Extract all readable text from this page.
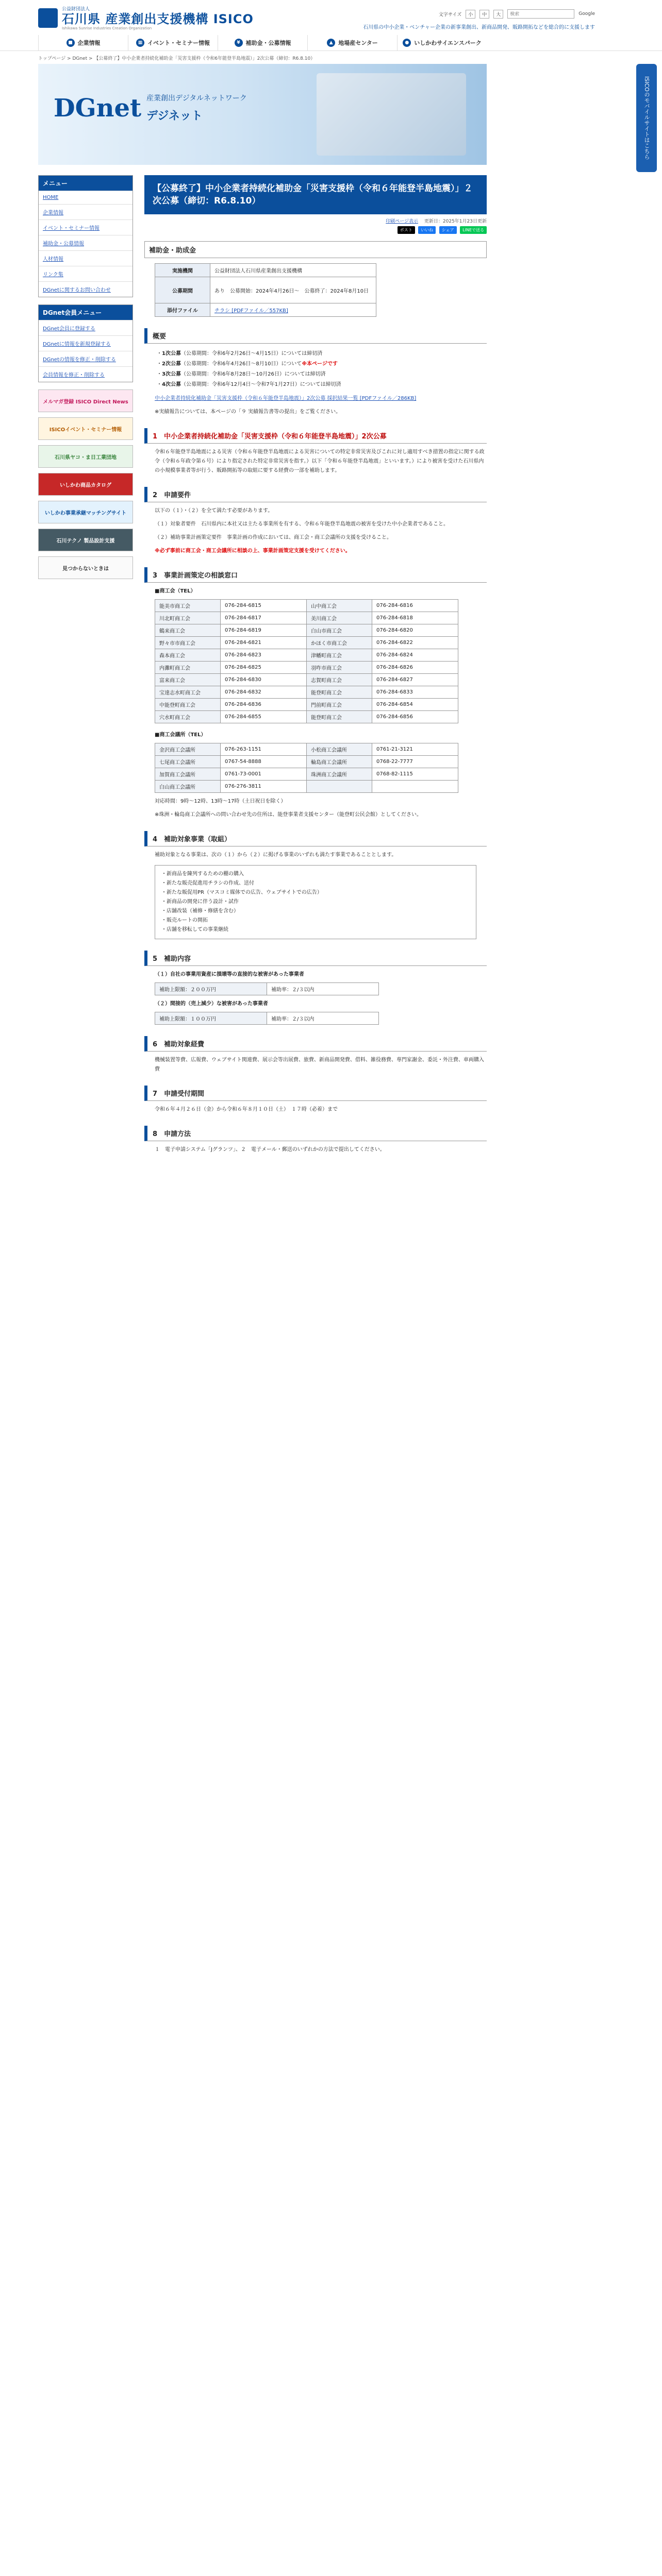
公益財団法人
石川県 産業創出支援機構 ISICO
Ishikawa Sunrise Industries Creation Organization
文字サイズ	小	中	大
検索	Google
石川県の中小企業・ベンチャー企業の新事業創出、新商品開発、販路開拓などを総合的に支援します
■ 企業情報	▦ イベント・セミナー情報	¥ 補助金・公募情報	▲ 地場産センター	● いしかわサイエンスパーク
トップページ > DGnet > 【公募終了】中小企業者持続化補助金「災害支援枠（令和6年能登半島地震）」2次公募（締切：R6.8.10）
ISICOのモバイルサイトはこちら
DGnet 産業創出デジタルネットワーク
デジネット
メニュー
HOME
企業情報
イベント・セミナー情報
補助金・公募情報
人材情報
リンク集
DGnetに関するお問い合わせ
DGnet会員メニュー
DGnet会員に登録する
DGnetに情報を新規登録する
DGnetの情報を修正・削除する
会員情報を修正・削除する
メルマガ登録 ISICO Direct News
ISICOイベント・セミナー情報
石川県ヤコ・ま日工業団地
いしかわ商品カタログ
いしかわ事業承継マッチングサイト
石川テクノ 製品設計支援
見つからないときは
【公募終了】中小企業者持続化補助金「災害支援枠（令和６年能登半島地震）」２次公募（締切：R6.8.10）
印刷ページ表示　 更新日：2025年1月23日更新
ポスト いいね シェア LINEで送る
補助金・助成金
実施機関	公益財団法人石川県産業創出支援機構
公募期間	あり　公募開始：2024年4月26日～　公募終了：2024年8月10日
添付ファイル	チラシ [PDFファイル／557KB]
概要
・1次公募（公募期間：令和6年2月26日～4月15日）については締切済
・2次公募（公募期間：令和6年4月26日～8月10日）について※本ページです
・3次公募（公募期間：令和6年8月28日～10月26日）については締切済
・4次公募（公募期間：令和6年12月4日～令和7年1月27日）については締切済
中小企業者持続化補助金「災害支援枠（令和６年能登半島地震）」2次公募 採択結果一覧 [PDFファイル／286KB]
※実績報告については、本ページの「９ 実績報告書等の提出」をご覧ください。
1　中小企業者持続化補助金「災害支援枠（令和６年能登半島地震）」2次公募
令和６年能登半島地震による災害（令和６年能登半島地震による災害についての特定非常災害及びこれに対し適用すべき措置の指定に関する政令（令和６年政令第６号）により指定された特定非常災害を指す。）以下「令和６年能登半島地震」といいます。）により被害を受けた石川県内の小規模事業者等が行う、販路開拓等の取組に要する経費の一部を補助します。
2　申請要件
以下の（１）・（２）を全て満たす必要があります。
（１）対象者要件　石川県内に本社又は主たる事業所を有する、令和６年能登半島地震の被害を受けた中小企業者であること。
（２）補助事業計画策定要件　事業計画の作成においては、商工会・商工会議所の支援を受けること。
※必ず事前に商工会・商工会議所に相談の上、事業計画策定支援を受けてください。
3　事業計画策定の相談窓口
■商工会（TEL）
能美市商工会	076-284-6815	山中商工会	076-284-6816
川北町商工会	076-284-6817	美川商工会	076-284-6818
鶴来商工会	076-284-6819	白山市商工会	076-284-6820
野々市市商工会	076-284-6821	かほく市商工会	076-284-6822
森本商工会	076-284-6823	津幡町商工会	076-284-6824
内灘町商工会	076-284-6825	羽咋市商工会	076-284-6826
富来商工会	076-284-6830	志賀町商工会	076-284-6827
宝達志水町商工会	076-284-6832	能登町商工会	076-284-6833
中能登町商工会	076-284-6836	門前町商工会	076-284-6854
穴水町商工会	076-284-6855	能登町商工会	076-284-6856
■商工会議所（TEL）
金沢商工会議所	076-263-1151	小松商工会議所	0761-21-3121
七尾商工会議所	0767-54-8888	輪島商工会議所	0768-22-7777
加賀商工会議所	0761-73-0001	珠洲商工会議所	0768-82-1115
白山商工会議所	076-276-3811		
対応時間：9時～12時、13時～17時（土日祝日を除く）
※珠洲・輪島商工会議所への問い合わせ先の住所は、能登事業者支援センター（能登町公民会館）としてください。
4　補助対象事業（取組）
補助対象となる事業は、次の（１）から（２）に掲げる事業のいずれも満たす事業であることとします。
・新商品を陳列するための棚の購入
・新たな販売促進用チラシの作成、送付
・新たな販促用PR（マスコミ媒体での広告、ウェブサイトでの広告）
・新商品の開発に伴う設計・試作
・店舗改装（補修・修繕を含む）
・販売ルートの開拓
・店舗を移転しての事業継続
5　補助内容
（１）自社の事業用資産に損壊等の直接的な被害があった事業者
補助上限額：２００万円	補助率：２/３以内
（２）間接的（売上減少）な被害があった事業者
補助上限額：１００万円	補助率：２/３以内
6　補助対象経費
機械装置等費、広報費、ウェブサイト関連費、展示会等出展費、旅費、新商品開発費、借料、雑役務費、専門家謝金、委託・外注費、車両購入費
7　申請受付期間
令和６年４月２６日（金）から令和６年８月１０日（土）　１７時（必着）まで
8　申請方法
１　電子申請システム「Jグランツ」、２　電子メール・郵送のいずれかの方法で提出してください。
